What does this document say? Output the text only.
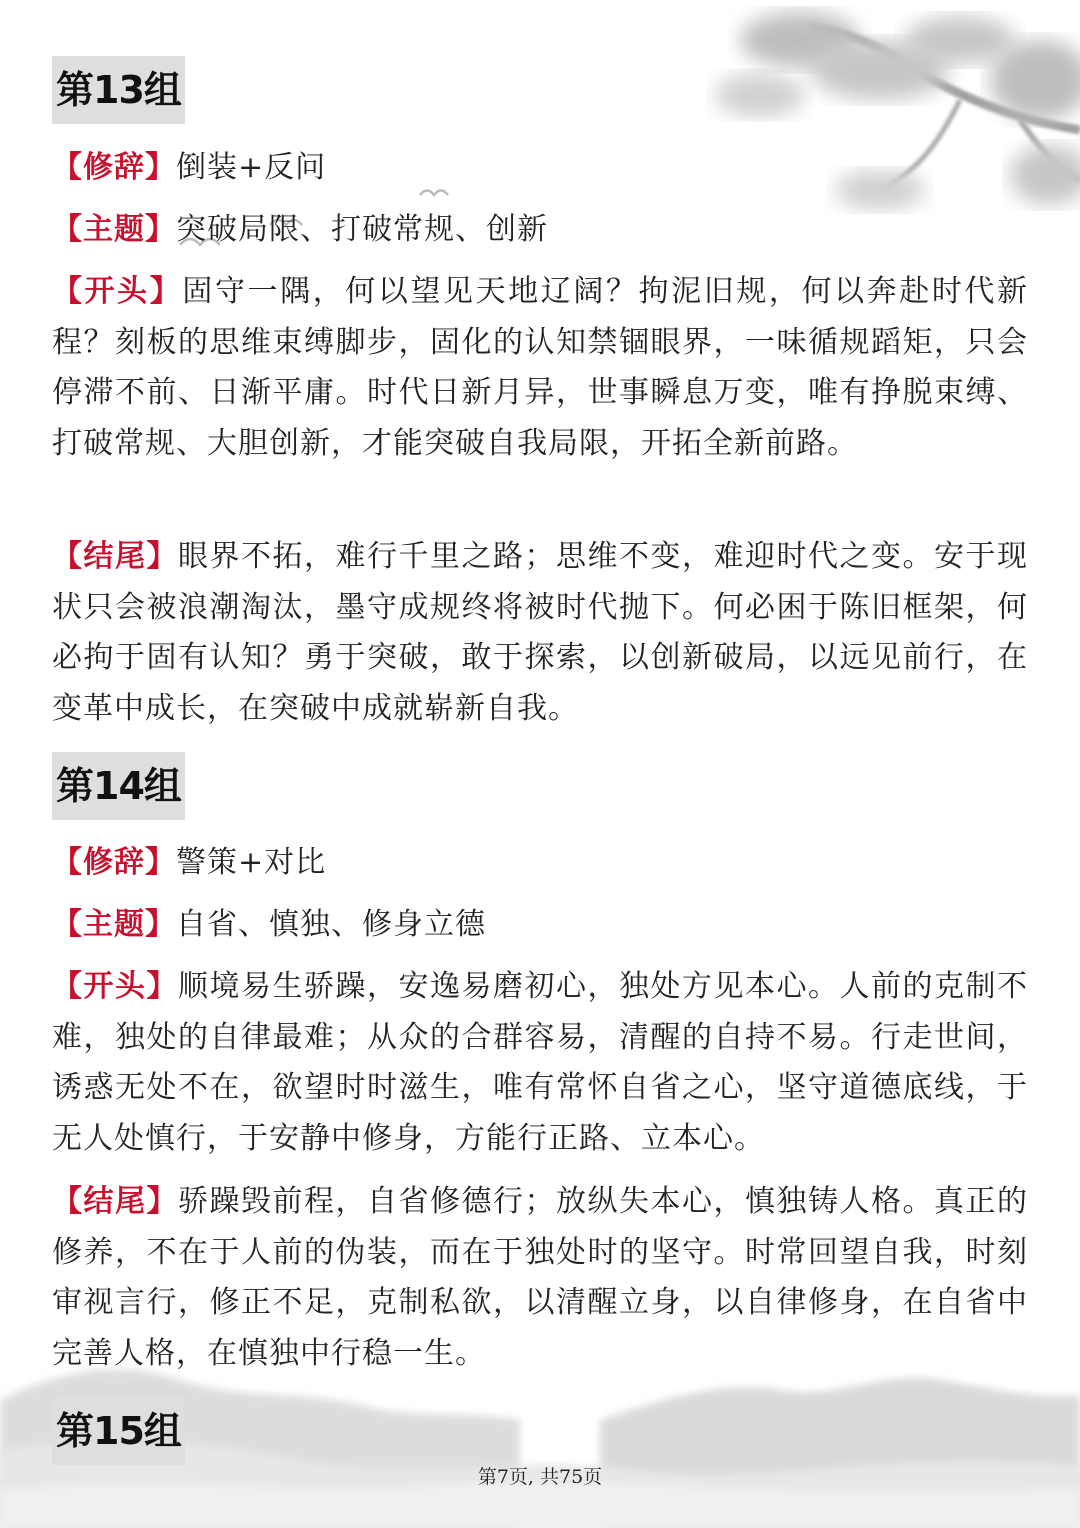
第13组

【修辞】倒装+反问

【主题】突破局限、打破常规、创新

【开头】固守一隅，何以望见天地辽阔？拘泥旧规，何以奔赴时代新程？刻板的思维束缚脚步，固化的认知禁锢眼界，一味循规蹈矩，只会停滞不前、日渐平庸。时代日新月异，世事瞬息万变，唯有挣脱束缚、打破常规、大胆创新，才能突破自我局限，开拓全新前路。

【结尾】眼界不拓，难行千里之路；思维不变，难迎时代之变。安于现状只会被浪潮淘汰，墨守成规终将被时代抛下。何必困于陈旧框架，何必拘于固有认知？勇于突破，敢于探索，以创新破局，以远见前行，在变革中成长，在突破中成就崭新自我。

第14组

【修辞】警策+对比

【主题】自省、慎独、修身立德

【开头】顺境易生骄躁，安逸易磨初心，独处方见本心。人前的克制不难，独处的自律最难；从众的合群容易，清醒的自持不易。行走世间，诱惑无处不在，欲望时时滋生，唯有常怀自省之心，坚守道德底线，于无人处慎行，于安静中修身，方能行正路、立本心。

【结尾】骄躁毁前程，自省修德行；放纵失本心，慎独铸人格。真正的修养，不在于人前的伪装，而在于独处时的坚守。时常回望自我，时刻审视言行，修正不足，克制私欲，以清醒立身，以自律修身，在自省中完善人格，在慎独中行稳一生。

第15组
第7页, 共75页
